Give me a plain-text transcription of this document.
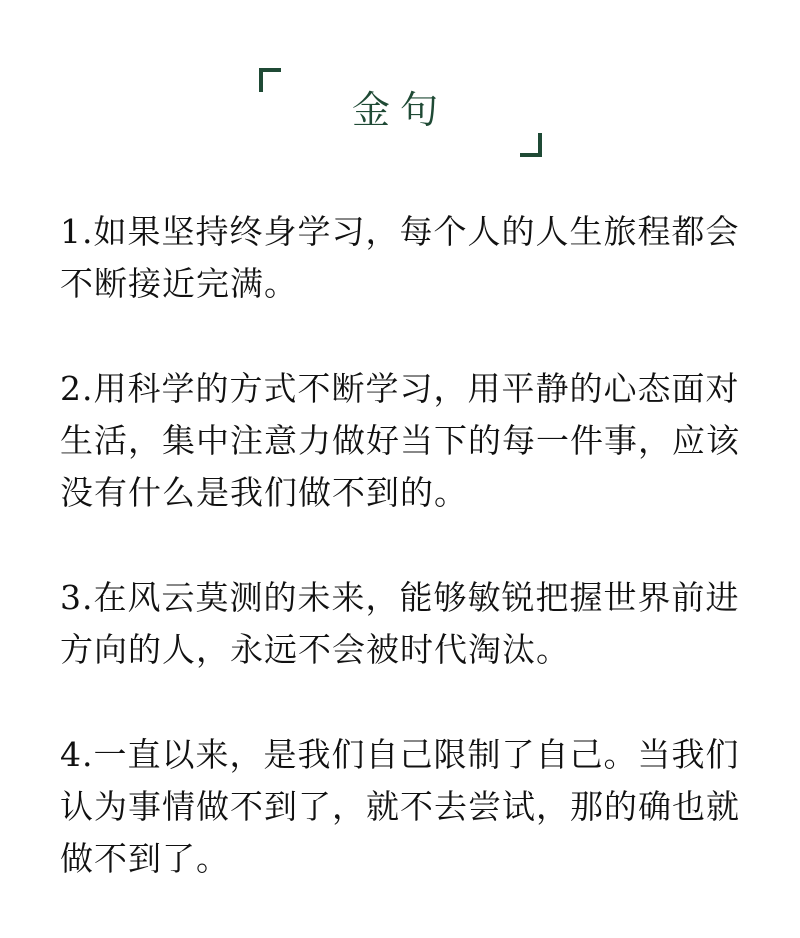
金句

1.如果坚持终身学习，每个人的人生旅程都会不断接近完满。

2.用科学的方式不断学习，用平静的心态面对生活，集中注意力做好当下的每一件事，应该没有什么是我们做不到的。

3.在风云莫测的未来，能够敏锐把握世界前进方向的人，永远不会被时代淘汰。

4.一直以来，是我们自己限制了自己。当我们认为事情做不到了，就不去尝试，那的确也就做不到了。
